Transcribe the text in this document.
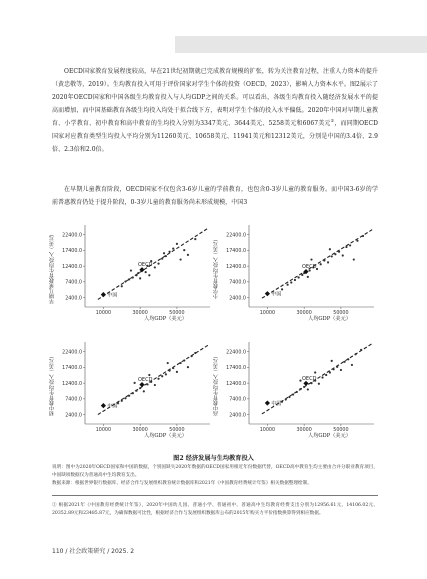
OECD国家教育发展程度较高，早在21世纪初期就已完成教育规模的扩张，转为关注教育过程，注重人力资本的提升（黄忠敬等，2019）。生均教育投入可用于评价国家对学生个体的投资（OECD，2023），影响人力资本水平。图2展示了2020年OECD国家和中国各级生均教育投入与人均GDP之间的关系。可以看出，各级生均教育投入随经济发展水平的提高而增加，而中国基础教育各级生均投入均处于拟合线下方，表明对学生个体的投入水平偏低。2020年中国对早期儿童教育、小学教育、初中教育和高中教育的生均投入分别为3347美元、3644美元、5258美元和6067美元①，而同期OECD国家对应教育类型生均投入平均分别为11260美元、10658美元、11941美元和12312美元，分别是中国的3.4倍、2.9倍、2.3倍和2.0倍。

在早期儿童教育阶段，OECD国家不仅包含3-6岁儿童的学前教育，也包含0-3岁儿童的教育服务。而中国3-6岁的学前普惠教育仍处于提升阶段，0-3岁儿童的教育服务尚未形成规模，中国3

早期儿童教育生均投入（美元）	2400.0
7400.0
12400.0
17400.0
22400.0
10000	30000	50000
人均GDP（美元）
OECD
中国	小学教育生均投入（美元）	2400.0
7400.0
12400.0
17400.0
22400.0
10000	30000	50000
人均GDP（美元）
OECD
中国
初中教育生均投入（美元）	2400.0
7400.0
12400.0
17400.0
22400.0
10000	30000	50000
人均GDP（美元）
OECD
中国	高中教育生均投入（美元）	2400.0
7400.0
12400.0
17400.0
22400.0
10000	30000	50000
人均GDP（美元）
OECD
中国
图2 经济发展与生均教育投入

说明：图中为2020年OECD国家和中国的数据，个别国缺失2020年数据的OECD国家用相近年份数据代替，OECD高中教育生均主要由合并分职业教育项目，中国缺项数据仅为普通高中生均教育支出。

数据来源：根据世界银行数据库、经济合作与发展组织教育统计数据库和2021年《中国教育经费统计年鉴》相关数据整理绘制。

① 根据2021年《中国教育经费统计年鉴》，2020年中国幼儿园、普通小学、普通初中、普通高中生均教育经费支出分别为12956.61元、14106.02元、20352.89元和23485.87元，为确保数据可比性，根据经济合作与发展组织数据库公布的2015年购买力平价指数换算得到相应数据。

110 / 社会政策研究 / 2025. 2
